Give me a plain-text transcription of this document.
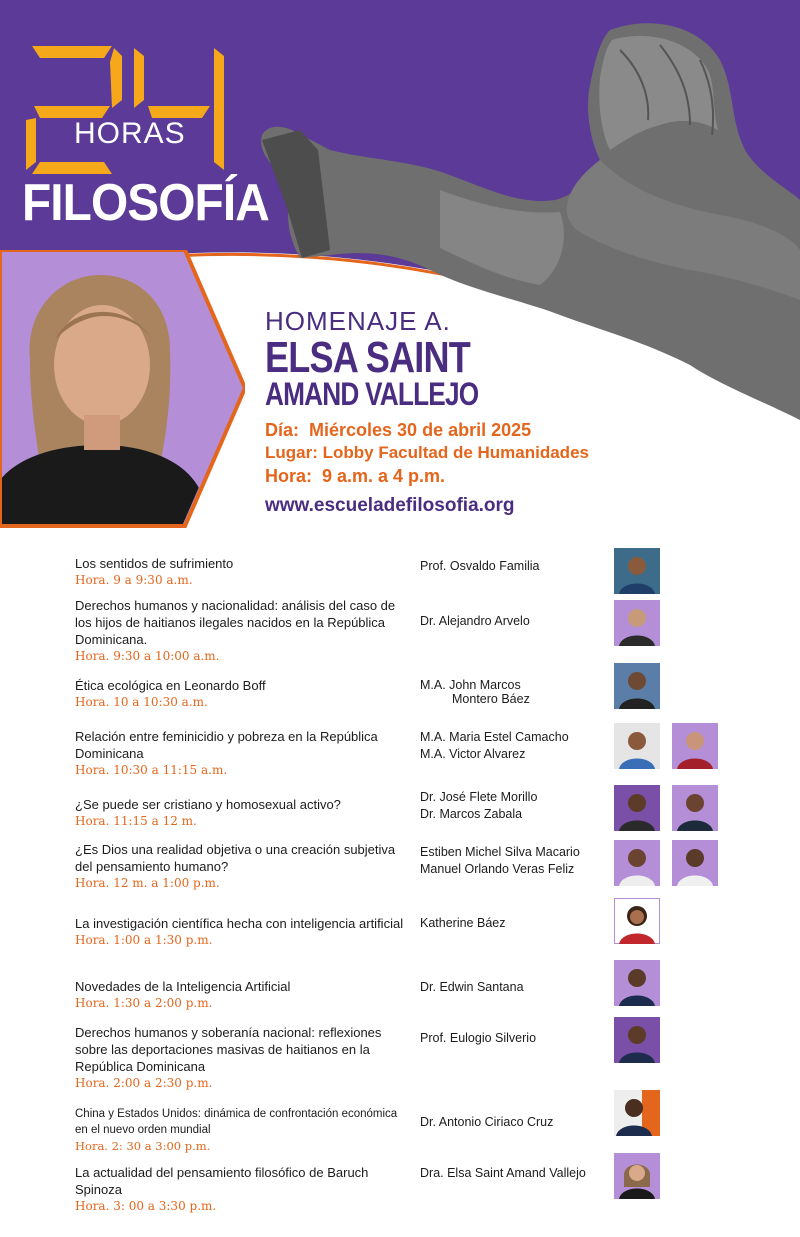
HORAS
FILOSOFÍA
HOMENAJE A.
ELSA SAINT
AMAND VALLEJO
Día:  Miércoles 30 de abril 2025
Lugar: Lobby Facultad de Humanidades
Hora:  9 a.m. a 4 p.m.
www.escueladefilosofia.org
Los sentidos de sufrimiento
Hora. 9 a 9:30 a.m.
Prof. Osvaldo Familia
Derechos humanos y nacionalidad: análisis del caso de los hijos de haitianos ilegales nacidos en la República Dominicana.
Hora. 9:30 a 10:00 a.m.
Dr. Alejandro Arvelo
Ética ecológica en Leonardo Boff
Hora. 10 a 10:30 a.m.
M.A. John Marcos
Montero Báez
Relación entre feminicidio y pobreza en la República Dominicana
Hora. 10:30 a 11:15 a.m.
M.A. Maria Estel Camacho
M.A. Victor Alvarez
¿Se puede ser cristiano y homosexual activo?
Hora. 11:15 a 12 m.
Dr. José Flete Morillo
Dr. Marcos Zabala
¿Es Dios una realidad objetiva o una creación subjetiva del pensamiento humano?
Hora. 12 m. a 1:00 p.m.
Estiben Michel Silva Macario
Manuel Orlando Veras Feliz
La investigación científica hecha con inteligencia artificial
Hora. 1:00 a 1:30 p.m.
Katherine Báez
Novedades de la Inteligencia Artificial
Hora. 1:30 a 2:00 p.m.
Dr. Edwin Santana
Derechos humanos y soberanía nacional: reflexiones sobre las deportaciones masivas de haitianos en la República Dominicana
Hora. 2:00 a 2:30 p.m.
Prof. Eulogio Silverio
China y Estados Unidos: dinámica de confrontación económica en el nuevo orden mundial
Hora. 2: 30 a 3:00 p.m.
Dr. Antonio Ciriaco Cruz
La actualidad del pensamiento filosófico de Baruch Spinoza
Hora. 3: 00 a 3:30 p.m.
Dra. Elsa Saint Amand Vallejo
